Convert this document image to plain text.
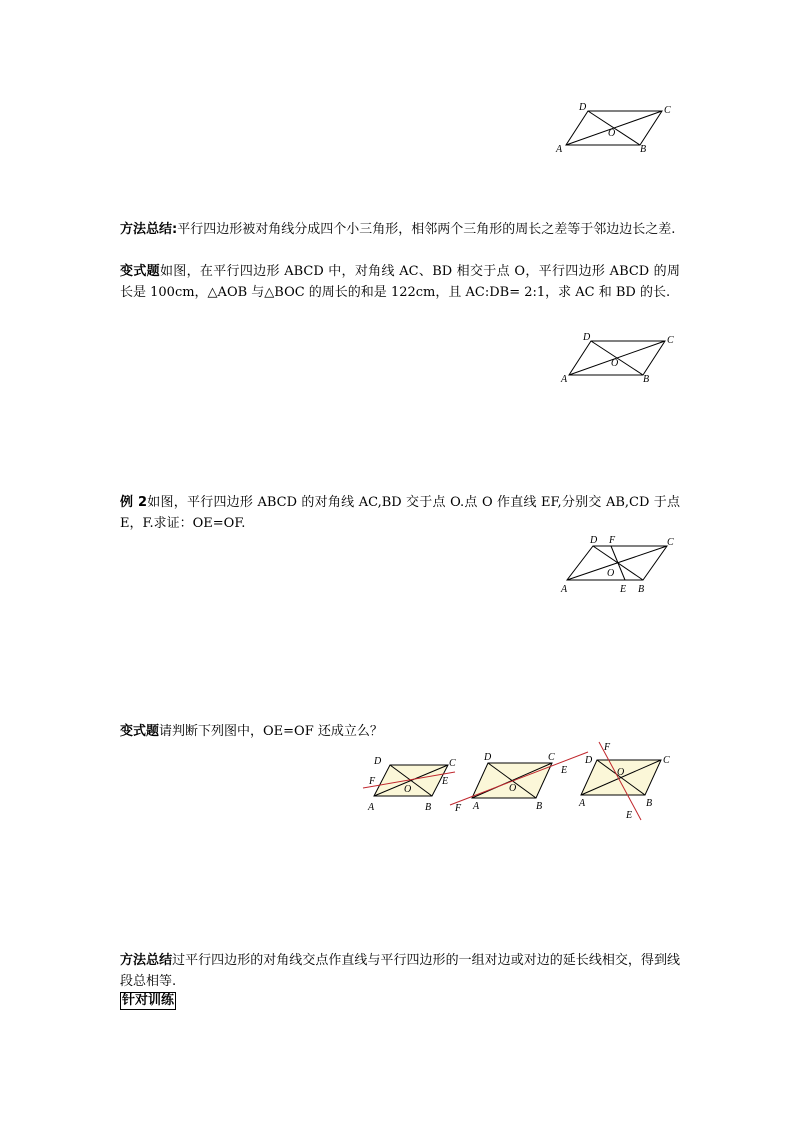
D	C
A	B
O
方法总结:平行四边形被对角线分成四个小三角形，相邻两个三角形的周长之差等于邻边边长之差.
变式题如图，在平行四边形 ABCD 中，对角线 AC、BD 相交于点 O，平行四边形 ABCD 的周长是 100cm，△AOB 与△BOC 的周长的和是 122cm，且 AC:DB= 2:1，求 AC 和 BD 的长.
D	C
A	B
O
例 2如图，平行四边形 ABCD 的对角线 AC,BD 交于点 O.点 O 作直线 EF,分别交 AB,CD 于点 E，F.求证：OE=OF.
D F	C
A	E B
O
变式题请判断下列图中，OE=OF 还成立么？
D	C
F	E
A	B
O
D	C
E
F A	B
O
D	C
F
O
A	B
E
方法总结过平行四边形的对角线交点作直线与平行四边形的一组对边或对边的延长线相交，得到线段总相等.
针对训练
